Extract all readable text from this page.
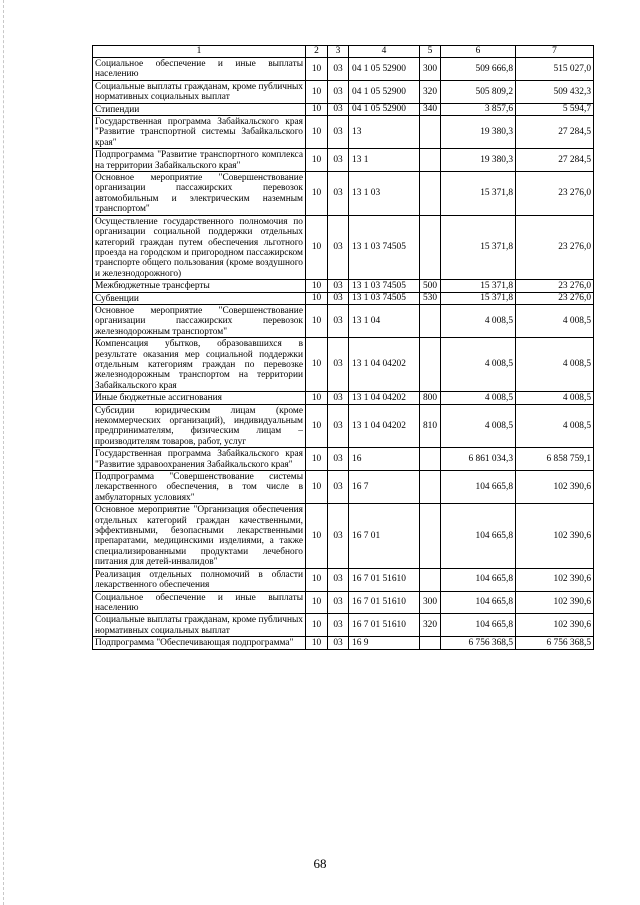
1	2	3	4	5	6	7
Социальное обеспечение и иные выплаты населению	10	03	04 1 05 52900	300	509 666,8	515 027,0
Социальные выплаты гражданам, кроме публичных нормативных социальных выплат	10	03	04 1 05 52900	320	505 809,2	509 432,3
Стипендии	10	03	04 1 05 52900	340	3 857,6	5 594,7
Государственная программа Забайкальского края "Развитие транспортной системы Забайкальского края"	10	03	13		19 380,3	27 284,5
Подпрограмма "Развитие транспортного комплекса на территории Забайкальского края"	10	03	13 1		19 380,3	27 284,5
Основное мероприятие "Совершенствование организации пассажирских перевозок автомобильным и электрическим наземным транспортом"	10	03	13 1 03		15 371,8	23 276,0
Осуществление государственного полномочия по организации социальной поддержки отдельных категорий граждан путем обеспечения льготного проезда на городском и пригородном пассажирском транспорте общего пользования (кроме воздушного и железнодорожного)	10	03	13 1 03 74505		15 371,8	23 276,0
Межбюджетные трансферты	10	03	13 1 03 74505	500	15 371,8	23 276,0
Субвенции	10	03	13 1 03 74505	530	15 371,8	23 276,0
Основное мероприятие "Совершенствование организации пассажирских перевозок железнодорожным транспортом"	10	03	13 1 04		4 008,5	4 008,5
Компенсация убытков, образовавшихся в результате оказания мер социальной поддержки отдельным категориям граждан по перевозке железнодорожным транспортом на территории Забайкальского края	10	03	13 1 04 04202		4 008,5	4 008,5
Иные бюджетные ассигнования	10	03	13 1 04 04202	800	4 008,5	4 008,5
Субсидии юридическим лицам (кроме некоммерческих организаций), индивидуальным предпринимателям, физическим лицам – производителям товаров, работ, услуг	10	03	13 1 04 04202	810	4 008,5	4 008,5
Государственная программа Забайкальского края "Развитие здравоохранения Забайкальского края"	10	03	16		6 861 034,3	6 858 759,1
Подпрограмма "Совершенствование системы лекарственного обеспечения, в том числе в амбулаторных условиях"	10	03	16 7		104 665,8	102 390,6
Основное мероприятие "Организация обеспечения отдельных категорий граждан качественными, эффективными, безопасными лекарственными препаратами, медицинскими изделиями, а также специализированными продуктами лечебного питания для детей-инвалидов"	10	03	16 7 01		104 665,8	102 390,6
Реализация отдельных полномочий в области лекарственного обеспечения	10	03	16 7 01 51610		104 665,8	102 390,6
Социальное обеспечение и иные выплаты населению	10	03	16 7 01 51610	300	104 665,8	102 390,6
Социальные выплаты гражданам, кроме публичных нормативных социальных выплат	10	03	16 7 01 51610	320	104 665,8	102 390,6
Подпрограмма "Обеспечивающая подпрограмма"	10	03	16 9		6 756 368,5	6 756 368,5
68
